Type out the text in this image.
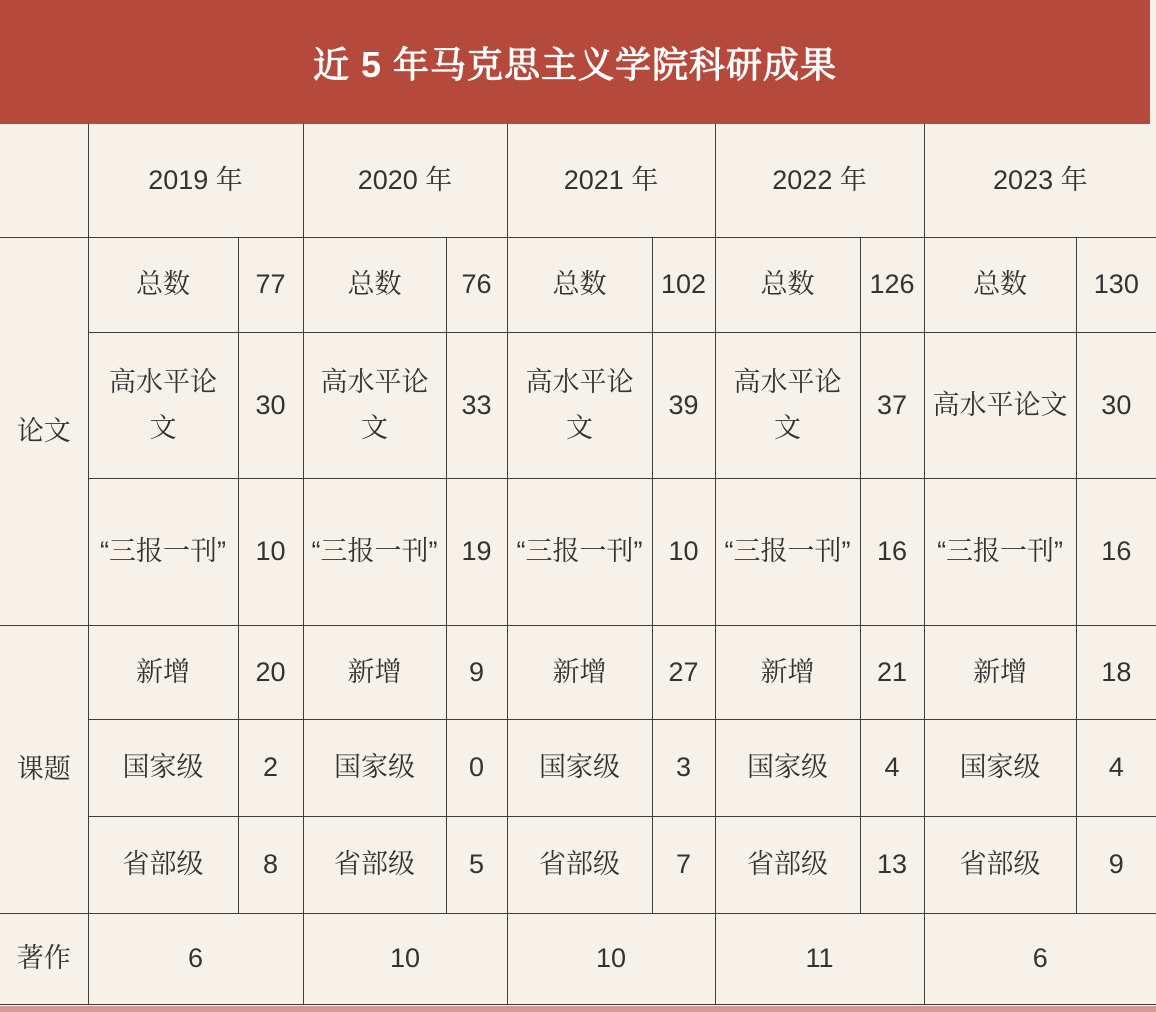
近 5 年马克思主义学院科研成果
	2019 年		2020 年		2021 年		2022 年		2023 年	
论文	总数	77	总数	76	总数	102	总数	126	总数	130
	高水平论文	30	高水平论文	33	高水平论文	39	高水平论文	37	高水平论文	30
	“三报一刊”	10	“三报一刊”	19	“三报一刊”	10	“三报一刊”	16	“三报一刊”	16
课题	新增	20	新增	9	新增	27	新增	21	新增	18
	国家级	2	国家级	0	国家级	3	国家级	4	国家级	4
	省部级	8	省部级	5	省部级	7	省部级	13	省部级	9
著作	6		10		10		11		6	
